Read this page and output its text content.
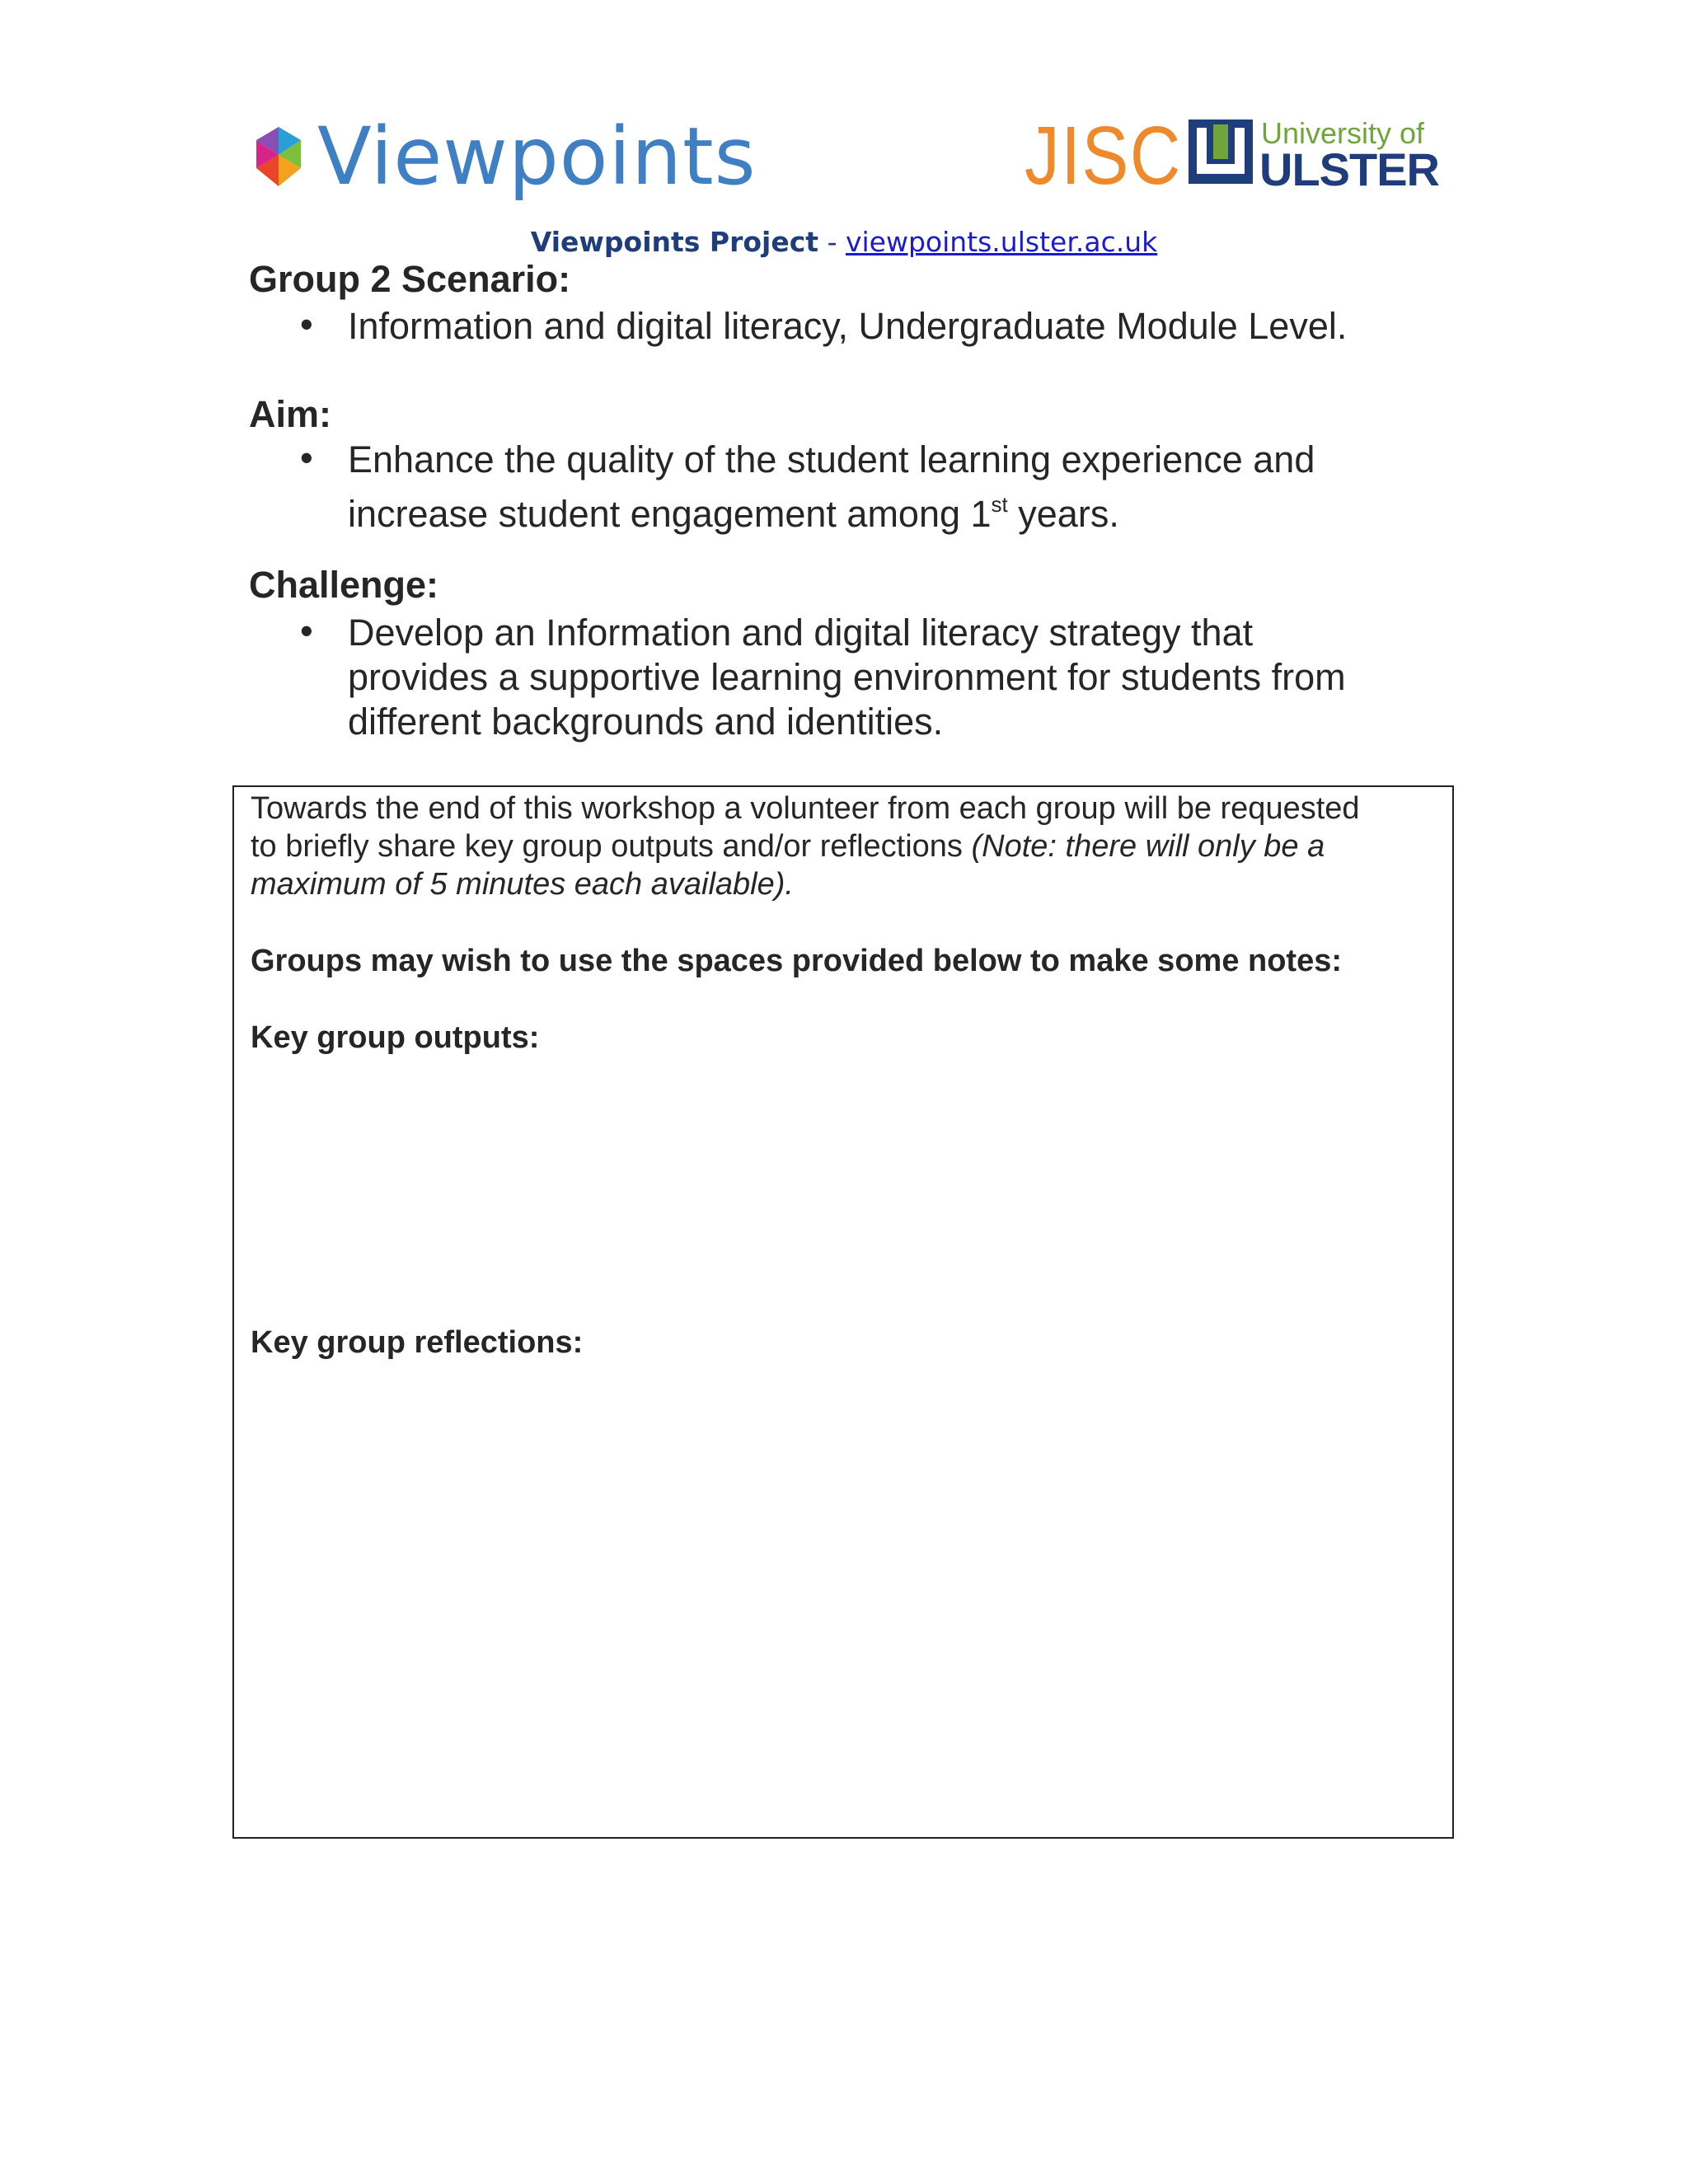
Viewpoints	JISC	University of
ULSTER
Viewpoints Project - viewpoints.ulster.ac.uk
Group 2 Scenario:
• Information and digital literacy, Undergraduate Module Level.
Aim:
• Enhance the quality of the student learning experience and
increase student engagement among 1st years.
Challenge:
• Develop an Information and digital literacy strategy that
provides a supportive learning environment for students from
different backgrounds and identities.
Towards the end of this workshop a volunteer from each group will be requested
to briefly share key group outputs and/or reflections (Note: there will only be a
maximum of 5 minutes each available).
Groups may wish to use the spaces provided below to make some notes:
Key group outputs:
Key group reflections:
